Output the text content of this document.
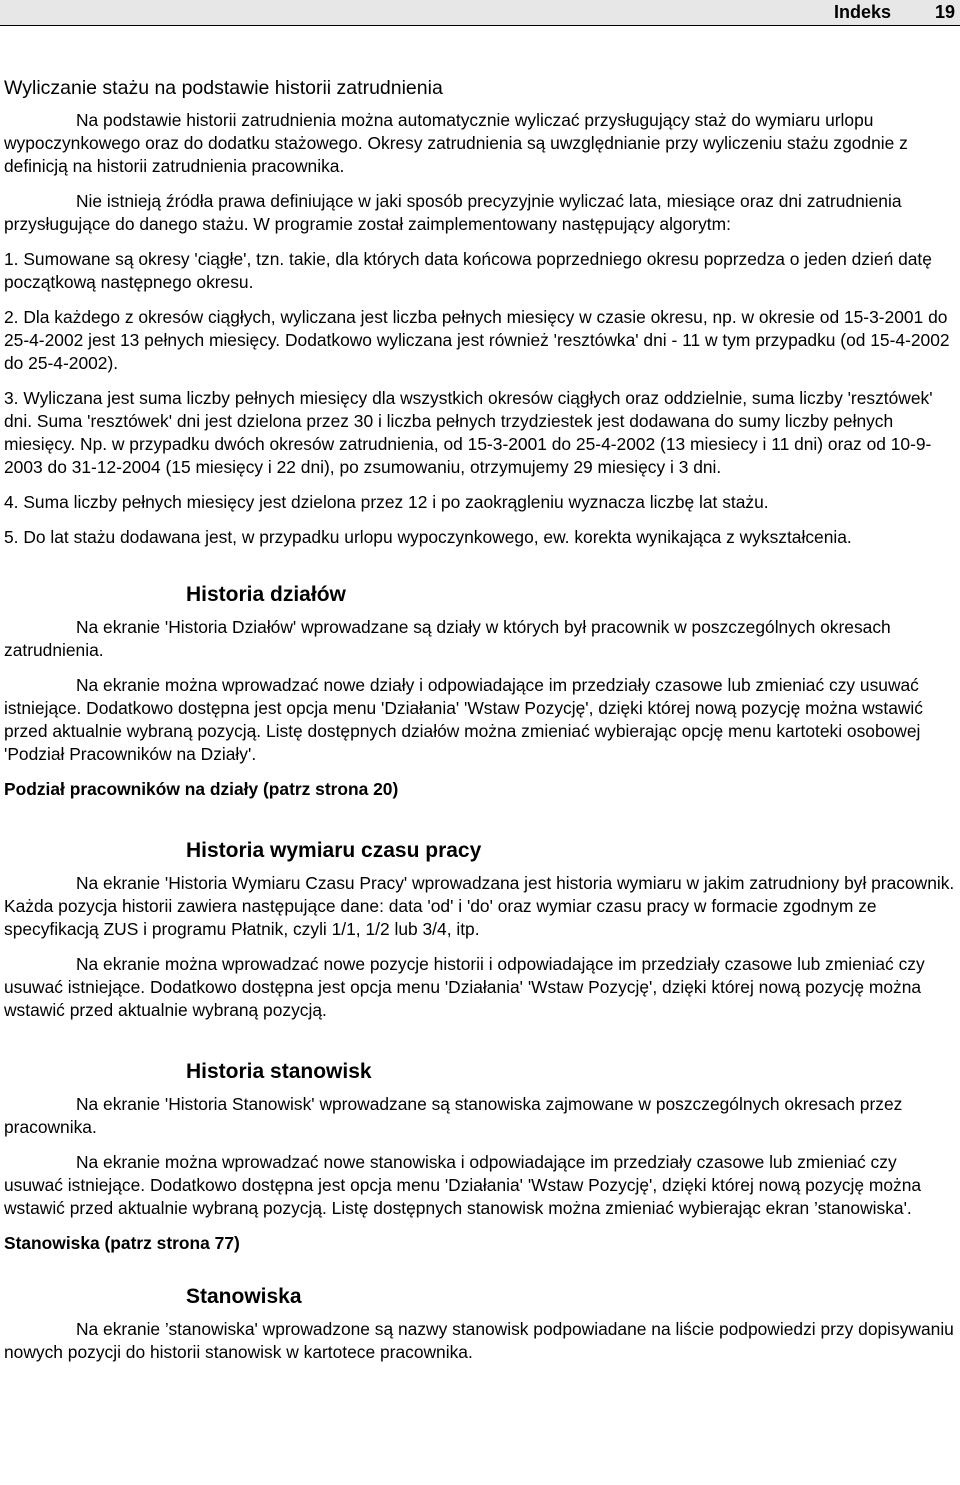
Indeks 19

Wyliczanie stażu na podstawie historii zatrudnienia

Na podstawie historii zatrudnienia można automatycznie wyliczać przysługujący staż do wymiaru urlopu wypoczynkowego oraz do dodatku stażowego. Okresy zatrudnienia są uwzględnianie przy wyliczeniu stażu zgodnie z definicją na historii zatrudnienia pracownika.

Nie istnieją źródła prawa definiujące w jaki sposób precyzyjnie wyliczać lata, miesiące oraz dni zatrudnienia przysługujące do danego stażu. W programie został zaimplementowany następujący algorytm:

1. Sumowane są okresy 'ciągłe', tzn. takie, dla których data końcowa poprzedniego okresu poprzedza o jeden dzień datę początkową następnego okresu.

2. Dla każdego z okresów ciągłych, wyliczana jest liczba pełnych miesięcy w czasie okresu, np. w okresie od 15-3-2001 do 25-4-2002 jest 13 pełnych miesięcy. Dodatkowo wyliczana jest również 'resztówka' dni - 11 w tym przypadku (od 15-4-2002 do 25-4-2002).

3. Wyliczana jest suma liczby pełnych miesięcy dla wszystkich okresów ciągłych oraz oddzielnie, suma liczby 'resztówek' dni. Suma 'resztówek' dni jest dzielona przez 30 i liczba pełnych trzydziestek jest dodawana do sumy liczby pełnych miesięcy. Np. w przypadku dwóch okresów zatrudnienia, od 15-3-2001 do 25-4-2002 (13 miesiecy i 11 dni) oraz od 10-9-2003 do 31-12-2004 (15 miesięcy i 22 dni), po zsumowaniu, otrzymujemy 29 miesięcy i 3 dni.

4. Suma liczby pełnych miesięcy jest dzielona przez 12 i po zaokrągleniu wyznacza liczbę lat stażu.

5. Do lat stażu dodawana jest, w przypadku urlopu wypoczynkowego, ew. korekta wynikająca z wykształcenia.

Historia działów

Na ekranie 'Historia Działów' wprowadzane są działy w których był pracownik w poszczególnych okresach zatrudnienia.

Na ekranie można wprowadzać nowe działy i odpowiadające im przedziały czasowe lub zmieniać czy usuwać istniejące. Dodatkowo dostępna jest opcja menu 'Działania' 'Wstaw Pozycję', dzięki której nową pozycję można wstawić przed aktualnie wybraną pozycją. Listę dostępnych działów można zmieniać wybierając opcję menu kartoteki osobowej 'Podział Pracowników na Działy'.

Podział pracowników na działy (patrz strona 20)

Historia wymiaru czasu pracy

Na ekranie 'Historia Wymiaru Czasu Pracy' wprowadzana jest historia wymiaru w jakim zatrudniony był pracownik. Każda pozycja historii zawiera następujące dane: data 'od' i 'do' oraz wymiar czasu pracy w formacie zgodnym ze specyfikacją ZUS i programu Płatnik, czyli 1/1, 1/2 lub 3/4, itp.

Na ekranie można wprowadzać nowe pozycje historii i odpowiadające im przedziały czasowe lub zmieniać czy usuwać istniejące. Dodatkowo dostępna jest opcja menu 'Działania' 'Wstaw Pozycję', dzięki której nową pozycję można wstawić przed aktualnie wybraną pozycją.

Historia stanowisk

Na ekranie 'Historia Stanowisk' wprowadzane są stanowiska zajmowane w poszczególnych okresach przez pracownika.

Na ekranie można wprowadzać nowe stanowiska i odpowiadające im przedziały czasowe lub zmieniać czy usuwać istniejące. Dodatkowo dostępna jest opcja menu 'Działania' 'Wstaw Pozycję', dzięki której nową pozycję można wstawić przed aktualnie wybraną pozycją. Listę dostępnych stanowisk można zmieniać wybierając ekran ’stanowiska'.

Stanowiska (patrz strona 77)

Stanowiska

Na ekranie ’stanowiska' wprowadzone są nazwy stanowisk podpowiadane na liście podpowiedzi przy dopisywaniu nowych pozycji do historii stanowisk w kartotece pracownika.
